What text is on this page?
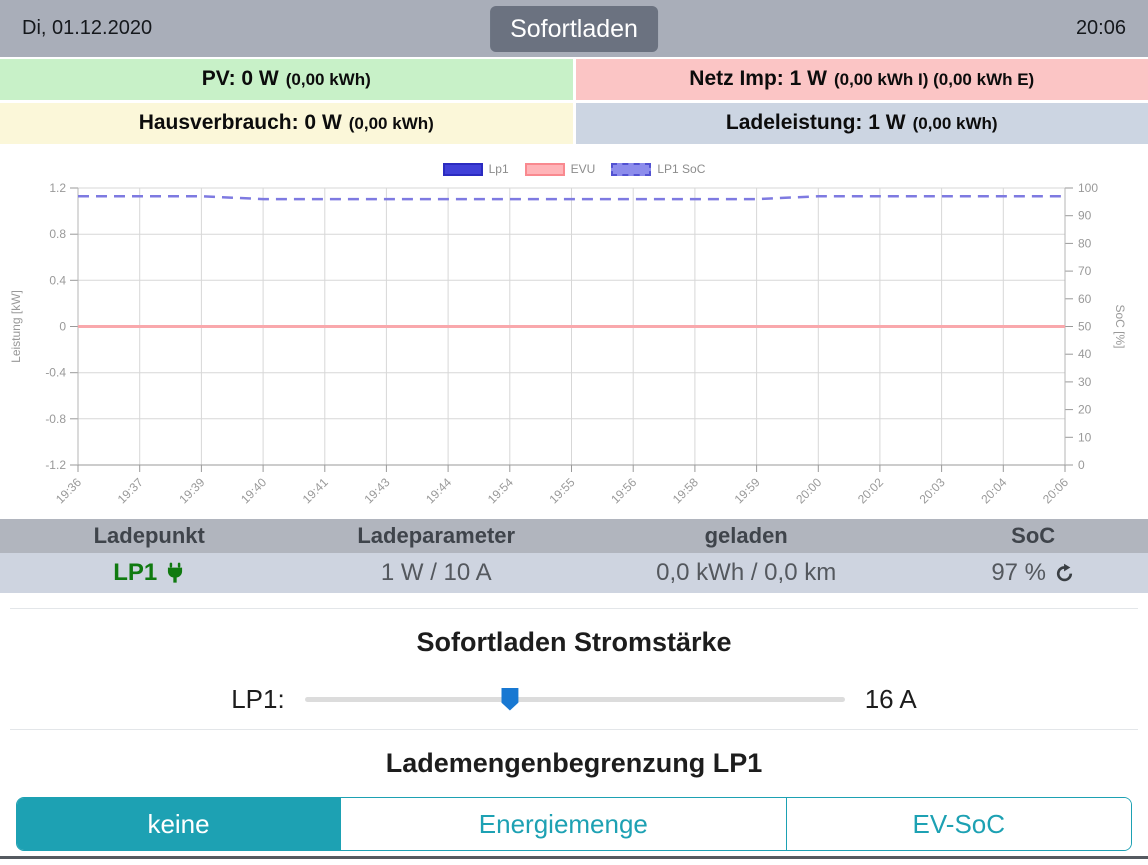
Di, 01.12.2020	Sofortladen	20:06
PV: 0 W (0,00 kWh)	Netz Imp: 1 W (0,00 kWh I) (0,00 kWh E)
Hausverbrauch: 0 W (0,00 kWh)	Ladeleistung: 1 W (0,00 kWh)
Lp1	EVU	LP1 SoC
19:36	19:37	19:39	19:40	19:41	19:43	19:44	19:54	19:55	19:56	19:58	19:59	20:00	20:02	20:03	20:04	20:06
1.2
0.8
0.4
0
-0.4
-0.8
-1.2
100
90
80
70
60
50
40
30
20
10
0
Leistung [kW]	SoC [%]
Ladepunkt	Ladeparameter	geladen	SoC
LP1	1 W / 10 A	0,0 kWh / 0,0 km	97 %
Sofortladen Stromstärke
LP1:	16 A
Lademengenbegrenzung LP1
keine	Energiemenge	EV-SoC
